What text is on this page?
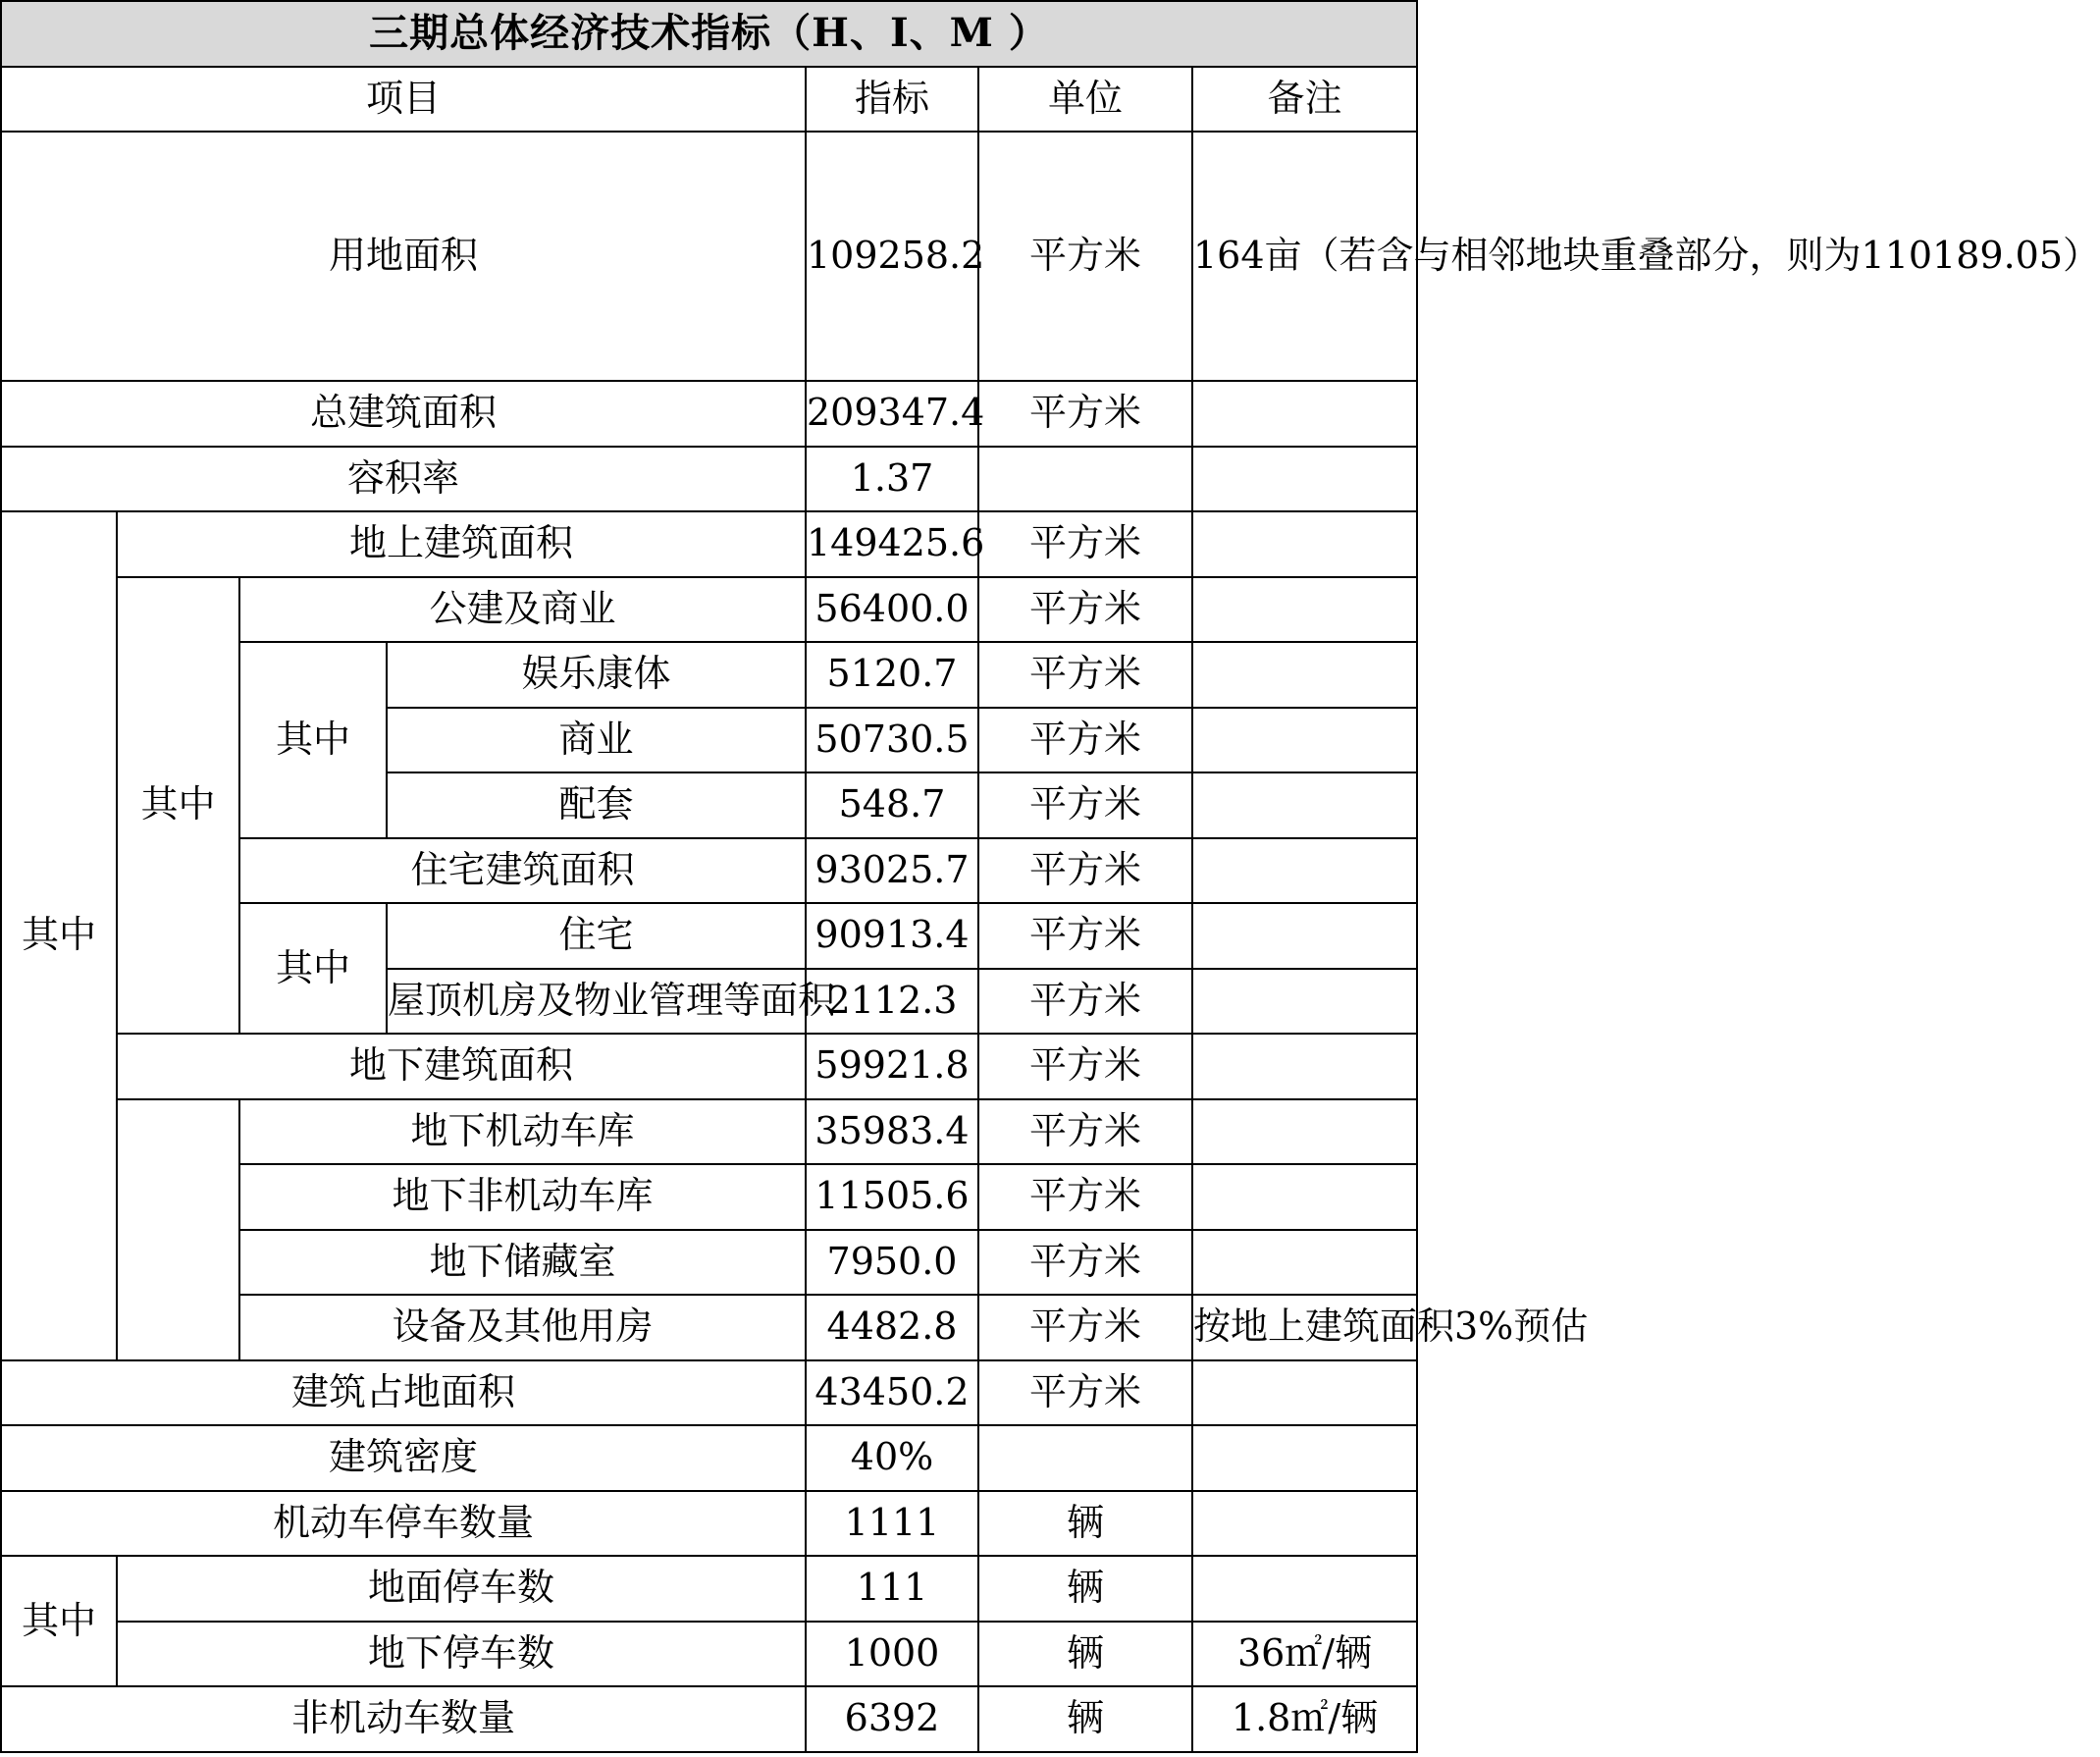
三期总体经济技术指标（H、I、M ）						
项目				指标	单位	备注
用地面积				109258.2	平方米	164亩（若含与相邻地块重叠部分，则为110189.05）
总建筑面积				209347.4	平方米	
容积率				1.37		
其中	地上建筑面积			149425.6	平方米	
	其中	公建及商业		56400.0	平方米	
		其中	娱乐康体	5120.7	平方米	
			商业	50730.5	平方米	
			配套	548.7	平方米	
		住宅建筑面积		93025.7	平方米	
		其中	住宅	90913.4	平方米	
			屋顶机房及物业管理等面积	2112.3	平方米	
	地下建筑面积			59921.8	平方米	
		地下机动车库		35983.4	平方米	
		地下非机动车库		11505.6	平方米	
		地下储藏室		7950.0	平方米	
		设备及其他用房		4482.8	平方米	按地上建筑面积3%预估
建筑占地面积				43450.2	平方米	
建筑密度				40%		
机动车停车数量				1111	辆	
其中	地面停车数			111	辆	
	地下停车数			1000	辆	36㎡/辆
非机动车数量				6392	辆	1.8㎡/辆
